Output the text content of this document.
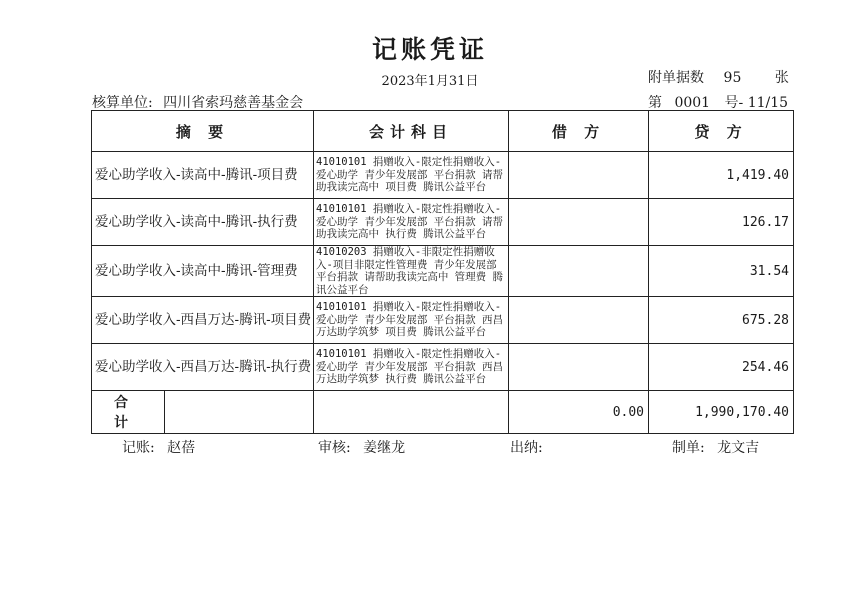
记账凭证
2023年1月31日	附单据数 95 张
核算单位: 四川省索玛慈善基金会	第 0001 号- 11/15
摘 要	会计科目	借 方	贷 方
爱心助学收入-读高中-腾讯-项目费	41010101 捐赠收入-限定性捐赠收入-爱心助学 青少年发展部 平台捐款 请帮助我读完高中 项目费 腾讯公益平台		1,419.40
爱心助学收入-读高中-腾讯-执行费	41010101 捐赠收入-限定性捐赠收入-爱心助学 青少年发展部 平台捐款 请帮助我读完高中 执行费 腾讯公益平台		126.17
爱心助学收入-读高中-腾讯-管理费	41010203 捐赠收入-非限定性捐赠收入-项目非限定性管理费 青少年发展部 平台捐款 请帮助我读完高中 管理费 腾讯公益平台		31.54
爱心助学收入-西昌万达-腾讯-项目费	41010101 捐赠收入-限定性捐赠收入-爱心助学 青少年发展部 平台捐款 西昌万达助学筑梦 项目费 腾讯公益平台		675.28
爱心助学收入-西昌万达-腾讯-执行费	41010101 捐赠收入-限定性捐赠收入-爱心助学 青少年发展部 平台捐款 西昌万达助学筑梦 执行费 腾讯公益平台		254.46

合 计		0.00	1,990,170.40
记账: 赵蓓	审核: 姜继龙	出纳:	制单: 龙文吉
